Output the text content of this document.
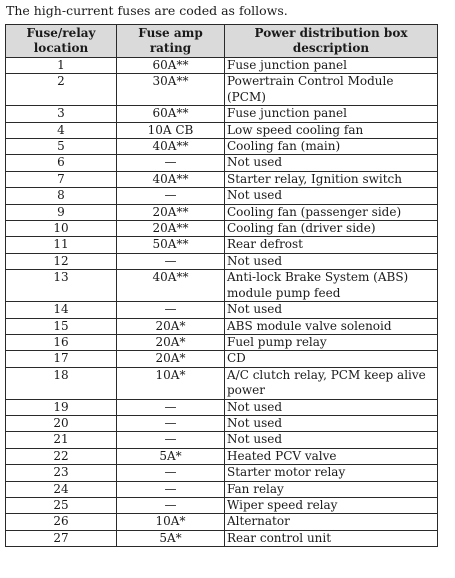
The high-current fuses are coded as follows.
Fuse/relay location	Fuse amp rating	Power distribution box description
1	60A**	Fuse junction panel
2	30A**	Powertrain Control Module (PCM)
3	60A**	Fuse junction panel
4	10A CB	Low speed cooling fan
5	40A**	Cooling fan (main)
6	—	Not used
7	40A**	Starter relay, Ignition switch
8	—	Not used
9	20A**	Cooling fan (passenger side)
10	20A**	Cooling fan (driver side)
11	50A**	Rear defrost
12	—	Not used
13	40A**	Anti-lock Brake System (ABS) module pump feed
14	—	Not used
15	20A*	ABS module valve solenoid
16	20A*	Fuel pump relay
17	20A*	CD
18	10A*	A/C clutch relay, PCM keep alive power
19	—	Not used
20	—	Not used
21	—	Not used
22	5A*	Heated PCV valve
23	—	Starter motor relay
24	—	Fan relay
25	—	Wiper speed relay
26	10A*	Alternator
27	5A*	Rear control unit
